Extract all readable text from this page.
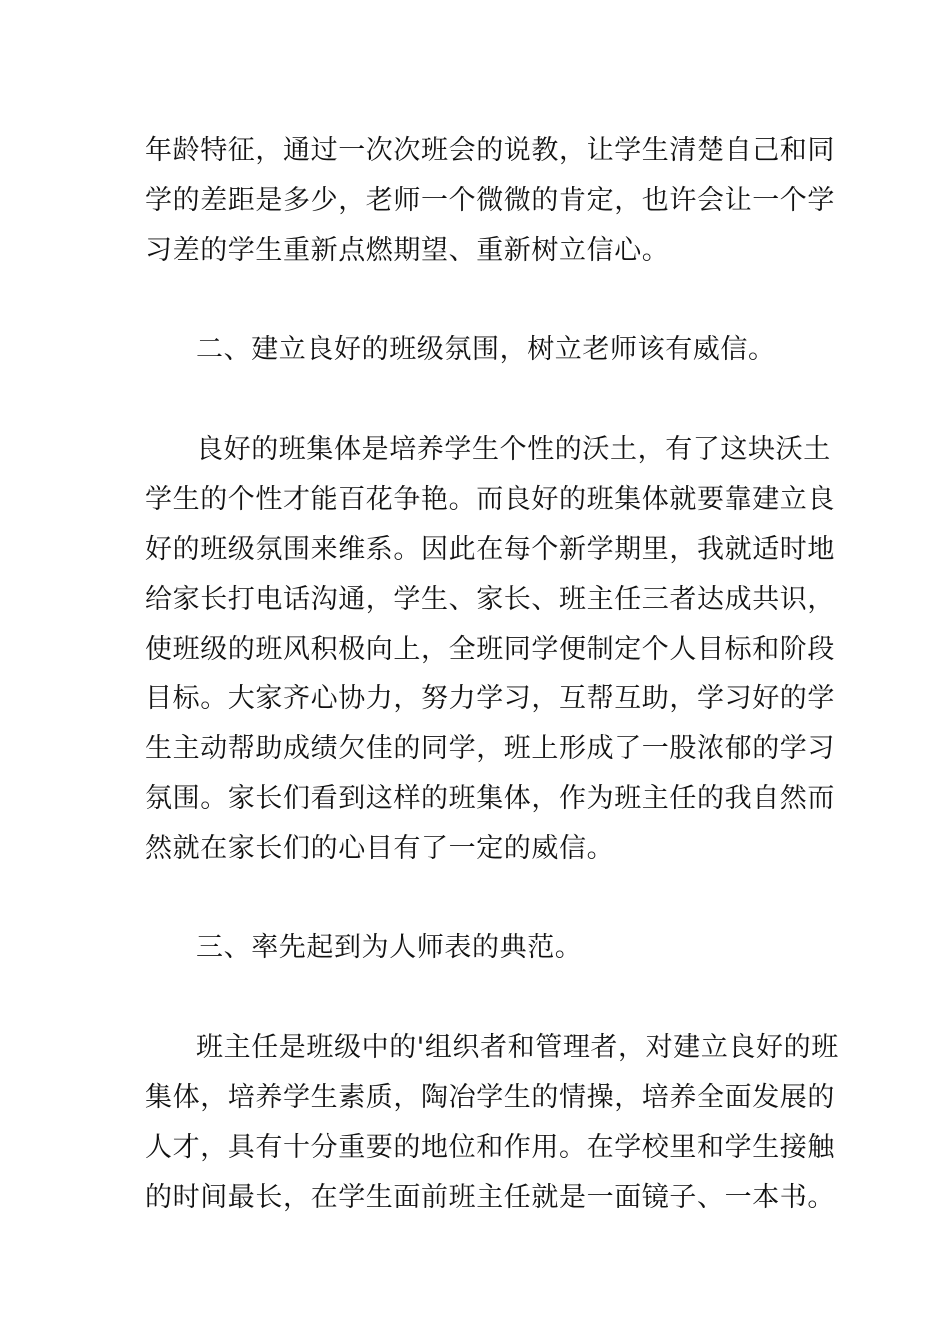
年龄特征，通过一次次班会的说教，让学生清楚自己和同
学的差距是多少，老师一个微微的肯定，也许会让一个学
习差的学生重新点燃期望、重新树立信心。
二、建立良好的班级氛围，树立老师该有威信。
良好的班集体是培养学生个性的沃土，有了这块沃土
学生的个性才能百花争艳。而良好的班集体就要靠建立良
好的班级氛围来维系。因此在每个新学期里，我就适时地
给家长打电话沟通，学生、家长、班主任三者达成共识，
使班级的班风积极向上，全班同学便制定个人目标和阶段
目标。大家齐心协力，努力学习，互帮互助，学习好的学
生主动帮助成绩欠佳的同学，班上形成了一股浓郁的学习
氛围。家长们看到这样的班集体，作为班主任的我自然而
然就在家长们的心目有了一定的威信。
三、率先起到为人师表的典范。
班主任是班级中的'组织者和管理者，对建立良好的班
集体，培养学生素质，陶冶学生的情操，培养全面发展的
人才，具有十分重要的地位和作用。在学校里和学生接触
的时间最长，在学生面前班主任就是一面镜子、一本书。
